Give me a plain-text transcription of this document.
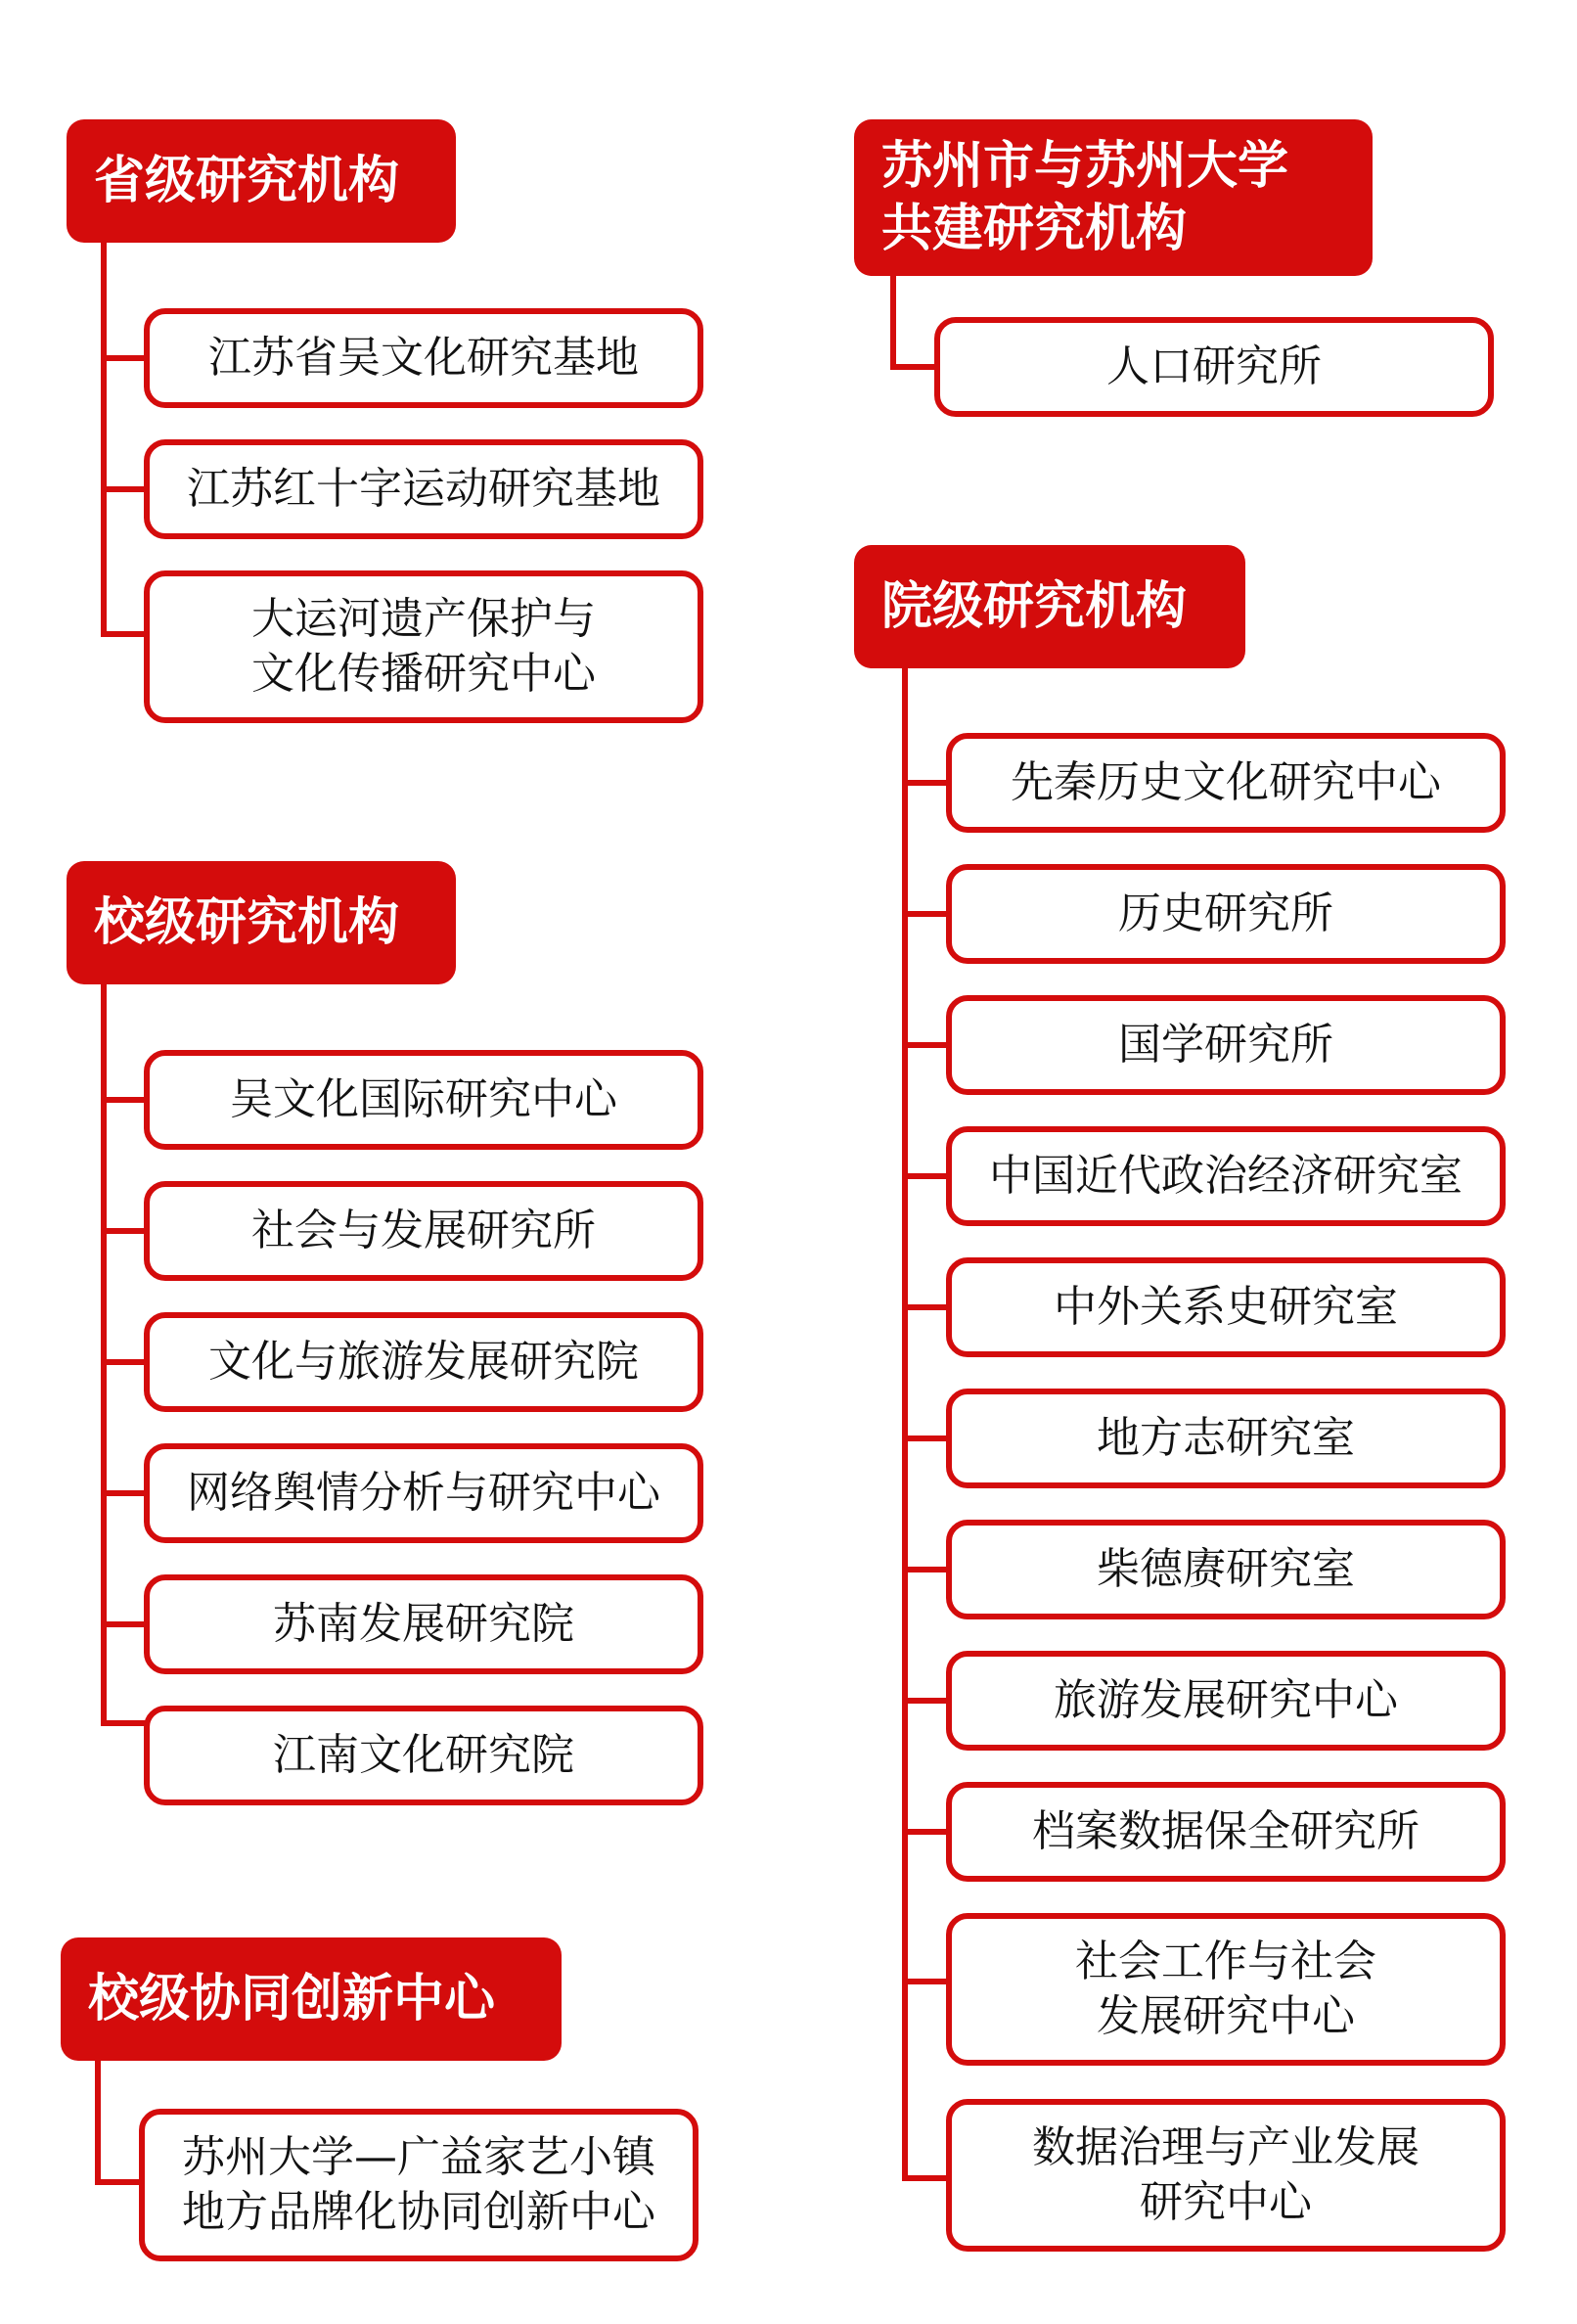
省级研究机构
江苏省吴文化研究基地
江苏红十字运动研究基地
大运河遗产保护与
文化传播研究中心
苏州市与苏州大学
共建研究机构
人口研究所
校级研究机构
吴文化国际研究中心
社会与发展研究所
文化与旅游发展研究院
网络舆情分析与研究中心
苏南发展研究院
江南文化研究院
校级协同创新中心
苏州大学—广益家艺小镇
地方品牌化协同创新中心
院级研究机构
先秦历史文化研究中心
历史研究所
国学研究所
中国近代政治经济研究室
中外关系史研究室
地方志研究室
柴德赓研究室
旅游发展研究中心
档案数据保全研究所
社会工作与社会
发展研究中心
数据治理与产业发展
研究中心
